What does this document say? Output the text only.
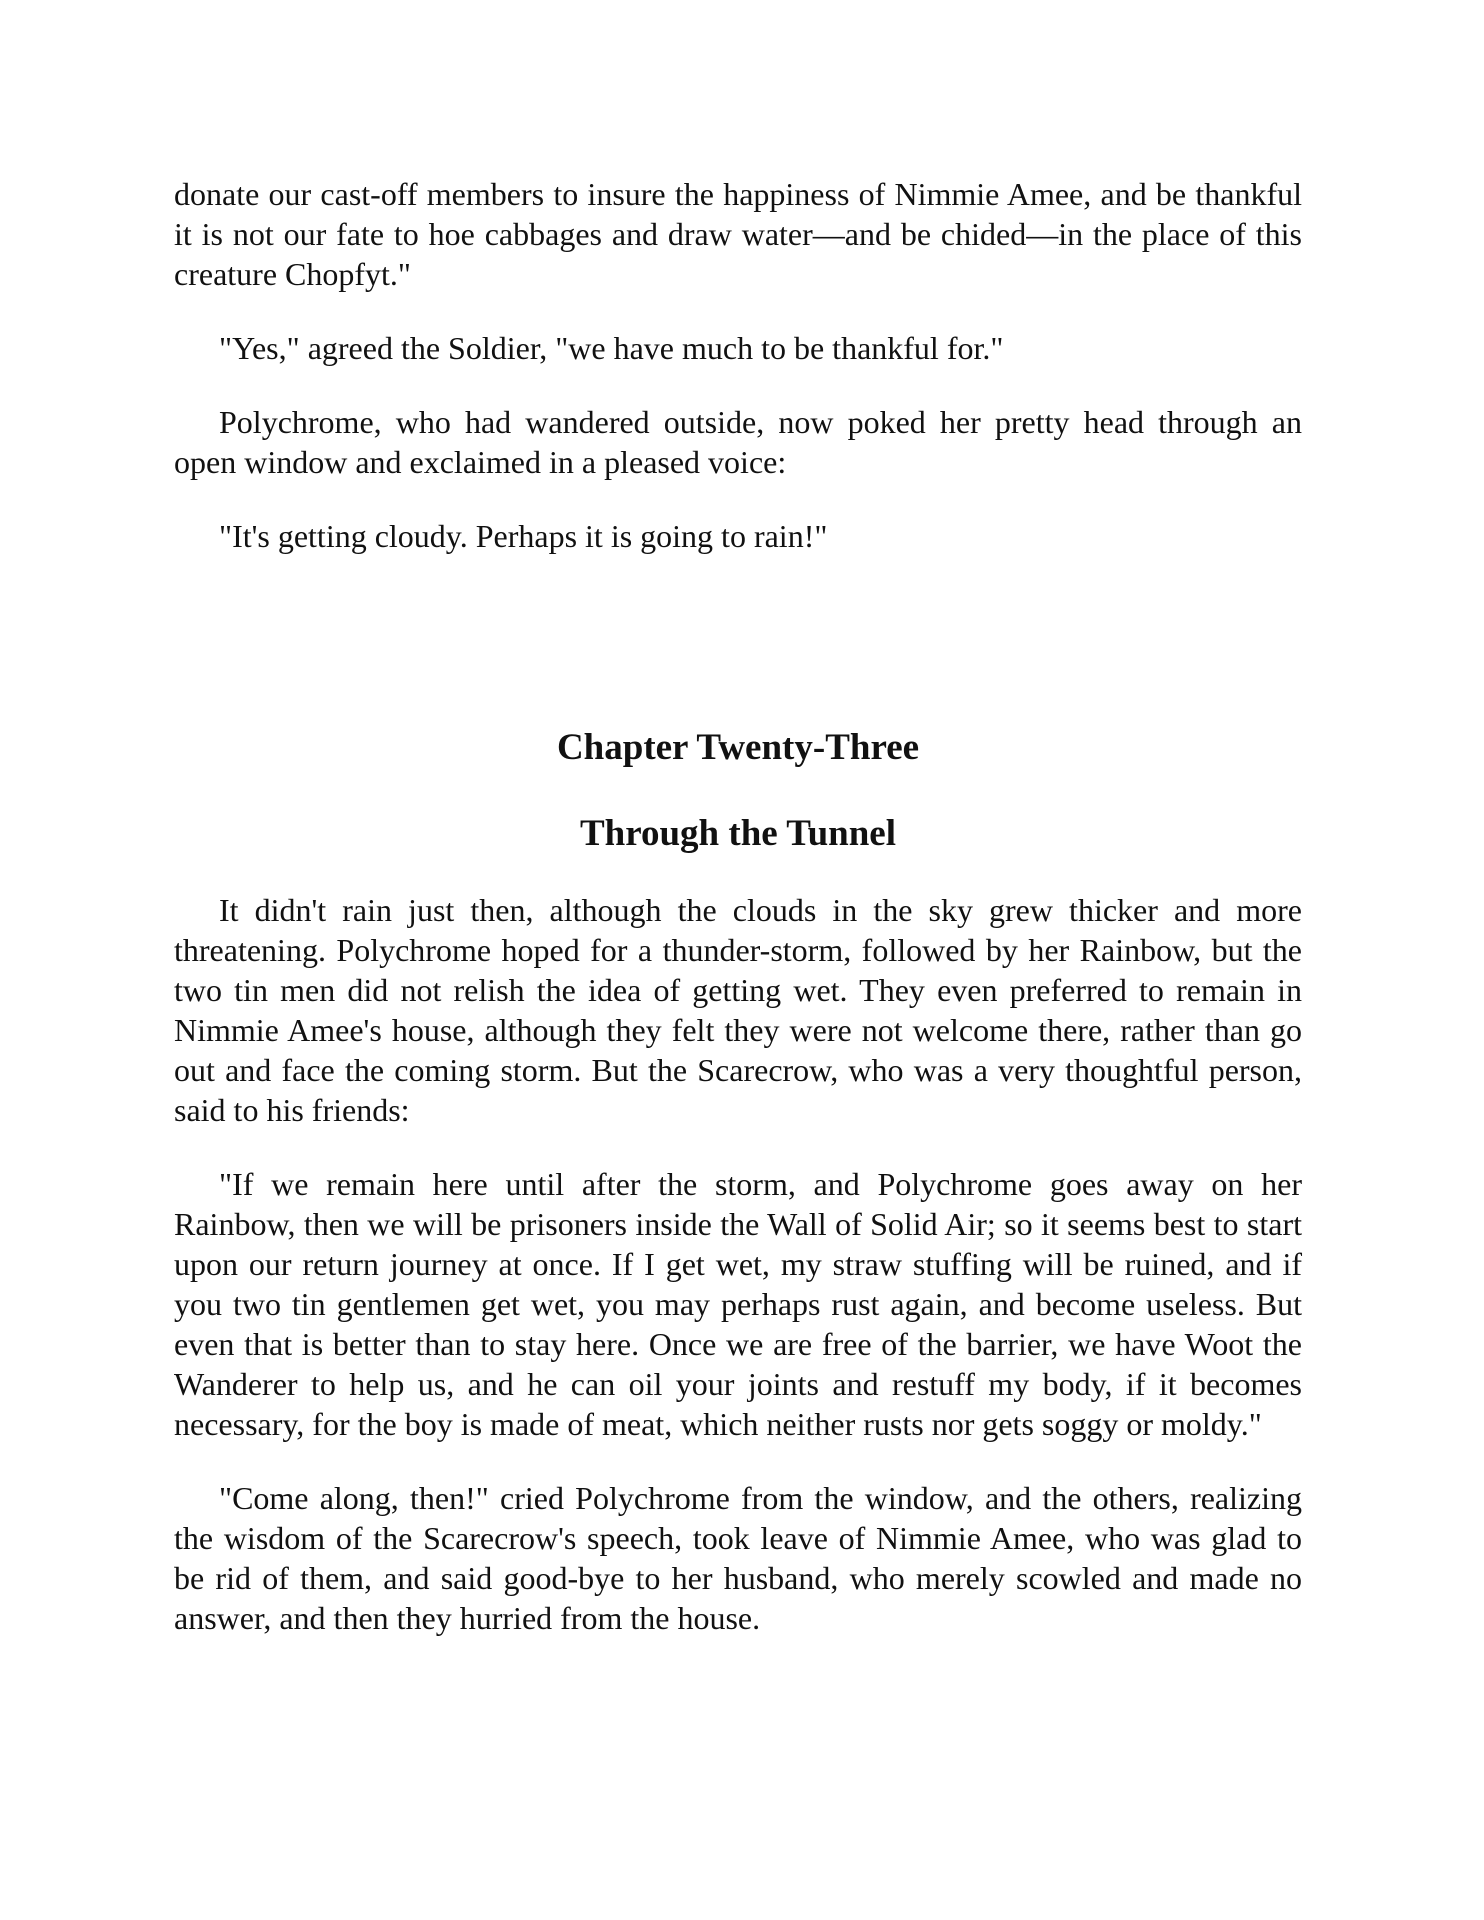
donate our cast-off members to insure the happiness of Nimmie Amee, and be thankful it is not our fate to hoe cabbages and draw water—and be chided—in the place of this creature Chopfyt."

"Yes," agreed the Soldier, "we have much to be thankful for."

Polychrome, who had wandered outside, now poked her pretty head through an open window and exclaimed in a pleased voice:

"It's getting cloudy. Perhaps it is going to rain!"

Chapter Twenty-Three
Through the Tunnel

It didn't rain just then, although the clouds in the sky grew thicker and more threatening. Polychrome hoped for a thunder-storm, followed by her Rainbow, but the two tin men did not relish the idea of getting wet. They even preferred to remain in Nimmie Amee's house, although they felt they were not welcome there, rather than go out and face the coming storm. But the Scarecrow, who was a very thoughtful person, said to his friends:

"If we remain here until after the storm, and Polychrome goes away on her Rainbow, then we will be prisoners inside the Wall of Solid Air; so it seems best to start upon our return journey at once. If I get wet, my straw stuffing will be ruined, and if you two tin gentlemen get wet, you may perhaps rust again, and become useless. But even that is better than to stay here. Once we are free of the barrier, we have Woot the Wanderer to help us, and he can oil your joints and restuff my body, if it becomes necessary, for the boy is made of meat, which neither rusts nor gets soggy or moldy."

"Come along, then!" cried Polychrome from the window, and the others, realizing the wisdom of the Scarecrow's speech, took leave of Nimmie Amee, who was glad to be rid of them, and said good-bye to her husband, who merely scowled and made no answer, and then they hurried from the house.
